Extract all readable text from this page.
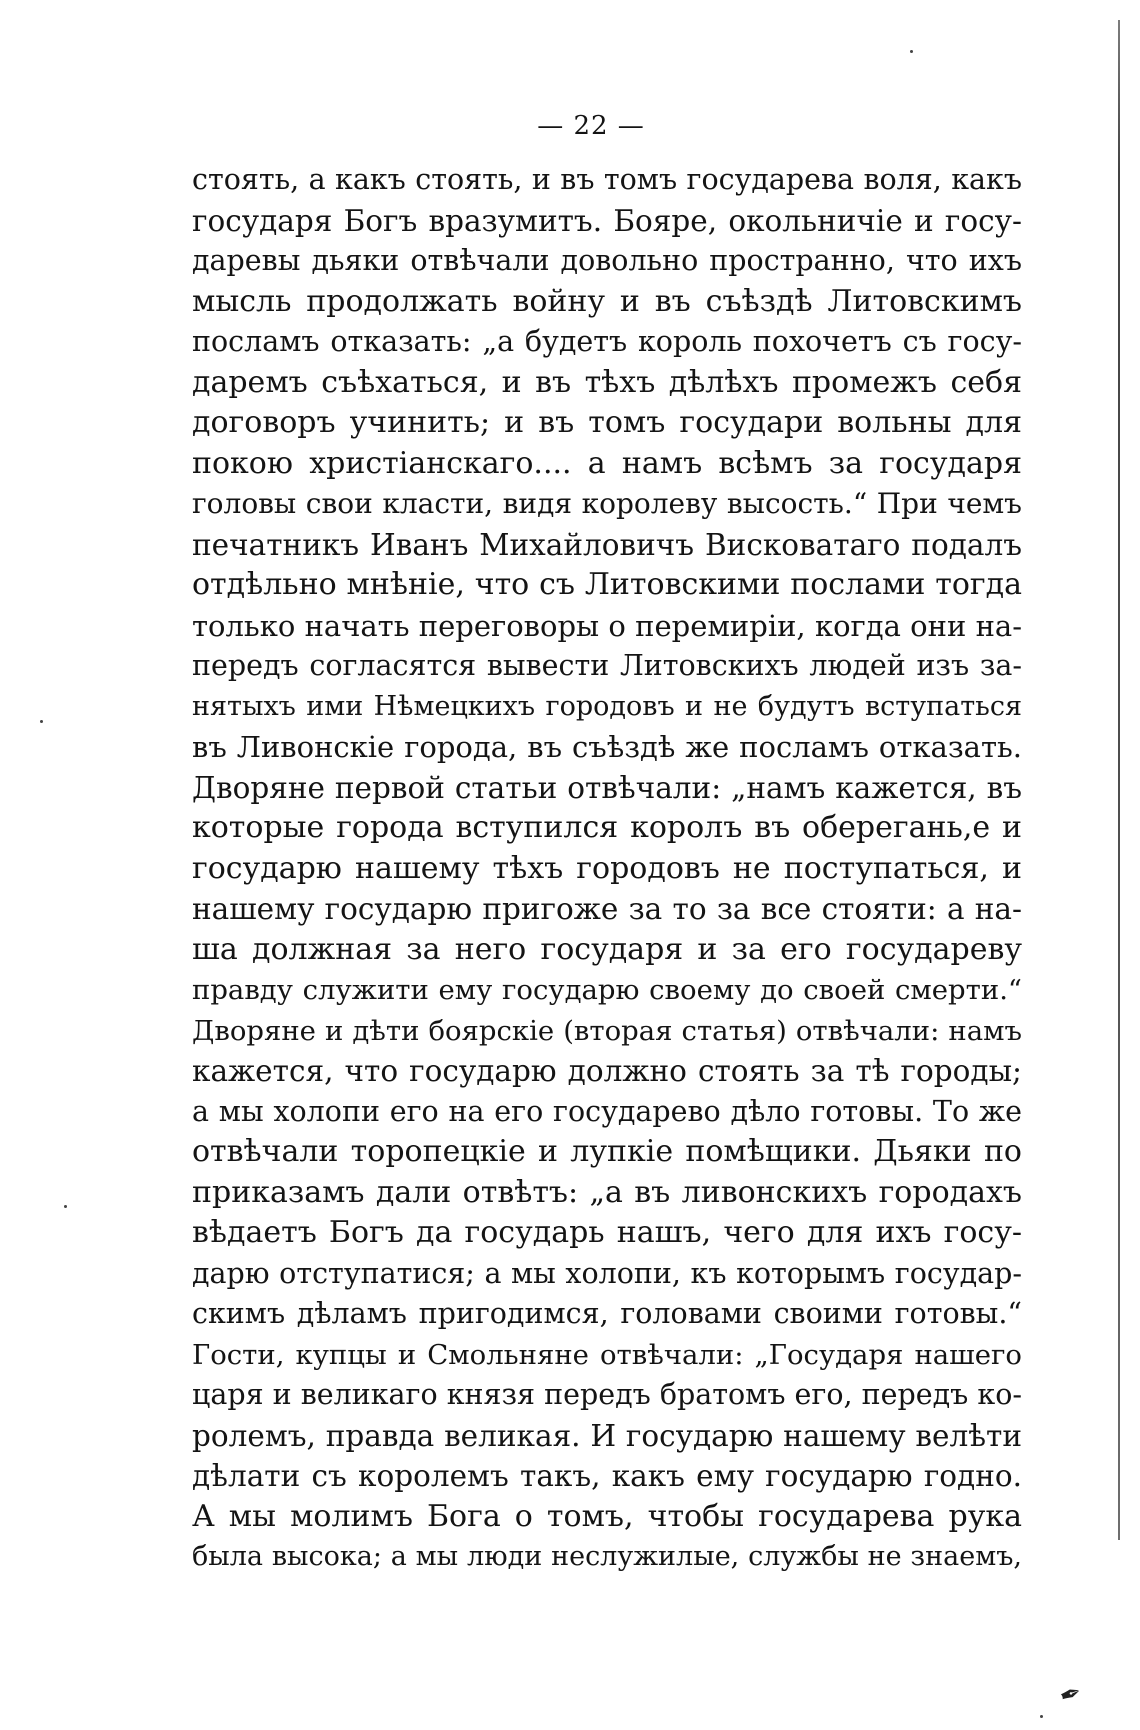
— 22 —
стоять, а какъ стоять, и въ томъ государева воля, какъ
государя Богъ вразумитъ. Бояре, окольничіе и госу-
даревы дьяки отвѣчали довольно пространно, что ихъ
мысль продолжать войну и въ съѣздѣ Литовскимъ
посламъ отказать: „а будетъ король похочетъ съ госу-
даремъ съѣхаться, и въ тѣхъ дѣлѣхъ промежъ себя
договоръ учинить; и въ томъ государи вольны для
покою христіанскаго.... а намъ всѣмъ за государя
головы свои класти, видя королеву высость.“ При чемъ
печатникъ Иванъ Михайловичъ Висковатаго подалъ
отдѣльно мнѣніе, что съ Литовскими послами тогда
только начать переговоры о перемиріи, когда они на-
передъ согласятся вывести Литовскихъ людей изъ за-
нятыхъ ими Нѣмецкихъ городовъ и не будутъ вступаться
въ Ливонскіе города, въ съѣздѣ же посламъ отказать.
Дворяне первой статьи отвѣчали: „намъ кажется, въ
которые города вступился королъ въ оберегань,е и
государю нашему тѣхъ городовъ не поступаться, и
нашему государю пригоже за то за все стояти: а на-
ша должная за него государя и за его государеву
правду служити ему государю своему до своей смерти.“
Дворяне и дѣти боярскіе (вторая статья) отвѣчали: намъ
кажется, что государю должно стоять за тѣ городы;
а мы холопи его на его государево дѣло готовы. То же
отвѣчали торопецкіе и лупкіе помѣщики. Дьяки по
приказамъ дали отвѣтъ: „а въ ливонскихъ городахъ
вѣдаетъ Богъ да государь нашъ, чего для ихъ госу-
дарю отступатися; а мы холопи, къ которымъ государ-
скимъ дѣламъ пригодимся, головами своими готовы.“
Гости, купцы и Смольняне отвѣчали: „Государя нашего
царя и великаго князя передъ братомъ его, передъ ко-
ролемъ, правда великая. И государю нашему велѣти
дѣлати съ королемъ такъ, какъ ему государю годно.
А мы молимъ Бога о томъ, чтобы государева рука
была высока; а мы люди неслужилые, службы не знаемъ,
✒
